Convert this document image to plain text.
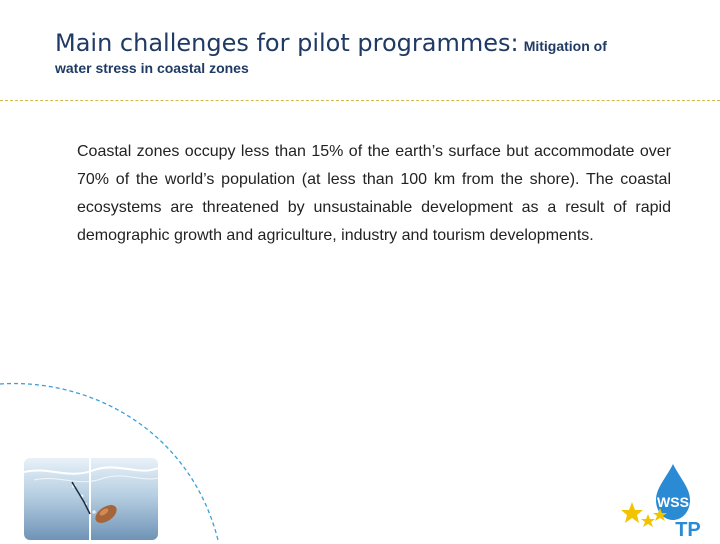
Main challenges for pilot programmes: Mitigation of
water stress in coastal zones
Coastal zones occupy less than 15% of the earth’s surface but accommodate over 70% of the world’s population (at less than 100 km from the shore). The coastal ecosystems are threatened by unsustainable development as a result of rapid demographic growth and agriculture, industry and tourism developments.
WSS
TP
